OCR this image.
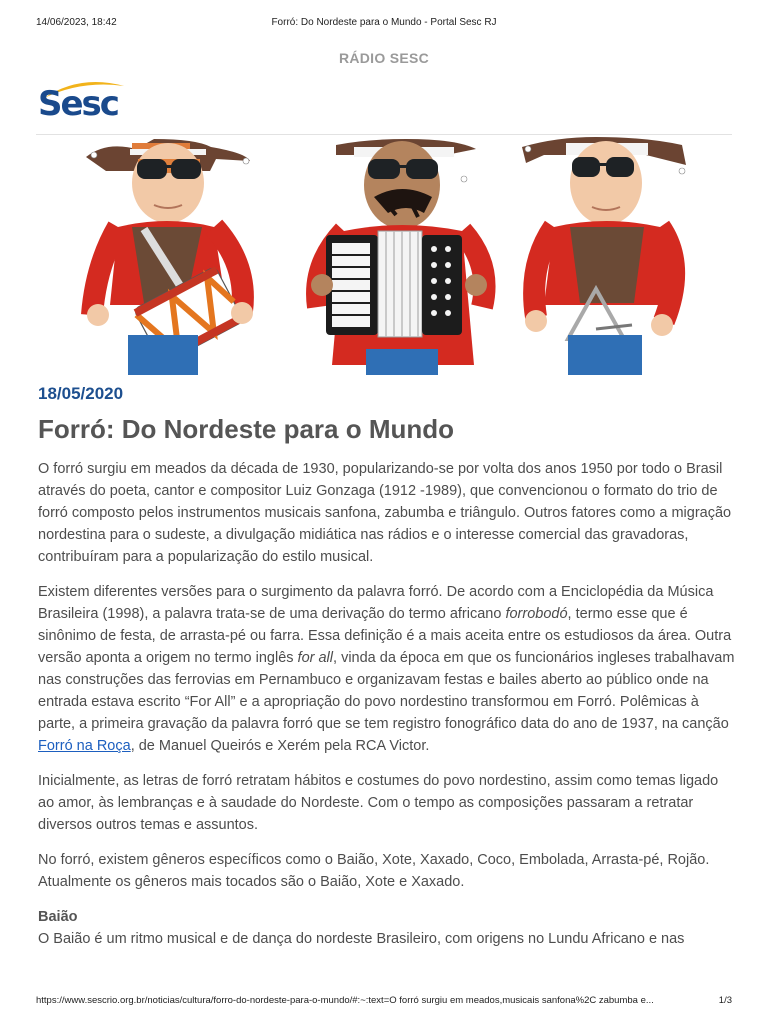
14/06/2023, 18:42	Forró: Do Nordeste para o Mundo - Portal Sesc RJ
RÁDIO SESC
Sesc
18/05/2020
Forró: Do Nordeste para o Mundo

O forró surgiu em meados da década de 1930, popularizando-se por volta dos anos 1950 por todo o Brasil através do poeta, cantor e compositor Luiz Gonzaga (1912 -1989), que convencionou o formato do trio de forró composto pelos instrumentos musicais sanfona, zabumba e triângulo. Outros fatores como a migração nordestina para o sudeste, a divulgação midiática nas rádios e o interesse comercial das gravadoras, contribuíram para a popularização do estilo musical.

Existem diferentes versões para o surgimento da palavra forró. De acordo com a Enciclopédia da Música Brasileira (1998), a palavra trata-se de uma derivação do termo africano forrobodó, termo esse que é sinônimo de festa, de arrasta-pé ou farra. Essa definição é a mais aceita entre os estudiosos da área. Outra versão aponta a origem no termo inglês for all, vinda da época em que os funcionários ingleses trabalhavam nas construções das ferrovias em Pernambuco e organizavam festas e bailes aberto ao público onde na entrada estava escrito “For All” e a apropriação do povo nordestino transformou em Forró. Polêmicas à parte, a primeira gravação da palavra forró que se tem registro fonográfico data do ano de 1937, na canção Forró na Roça, de Manuel Queirós e Xerém pela RCA Victor.

Inicialmente, as letras de forró retratam hábitos e costumes do povo nordestino, assim como temas ligado ao amor, às lembranças e à saudade do Nordeste. Com o tempo as composições passaram a retratar diversos outros temas e assuntos.

No forró, existem gêneros específicos como o Baião, Xote, Xaxado, Coco, Embolada, Arrasta-pé, Rojão. Atualmente os gêneros mais tocados são o Baião, Xote e Xaxado.

Baião

O Baião é um ritmo musical e de dança do nordeste Brasileiro, com origens no Lundu Africano e nas

https://www.sescrio.org.br/noticias/cultura/forro-do-nordeste-para-o-mundo/#:~:text=O forró surgiu em meados,musicais sanfona%2C zabumba e...	1/3
